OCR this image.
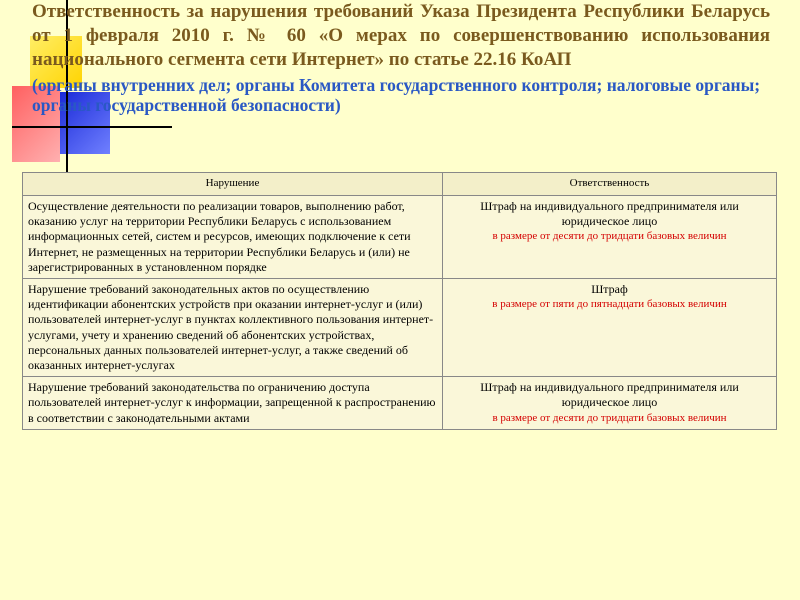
Ответственность за нарушения требований Указа Президента Республики Беларусь от 1 февраля 2010 г. № 60 «О мерах по совершенствованию использования национального сегмента сети Интернет» по статье 22.16 КоАП

(органы внутренних дел; органы Комитета государственного контроля; налоговые органы; органы государственной безопасности)

Нарушение	Ответственность
Осуществление деятельности по реализации товаров, выполнению работ, оказанию услуг на территории Республики Беларусь с использованием информационных сетей, систем и ресурсов, имеющих подключение к сети Интернет, не размещенных на территории Республики Беларусь и (или) не зарегистрированных в установленном порядке	Штраф на индивидуального предпринимателя или юридическое лицо
в размере от десяти до тридцати базовых величин

Нарушение требований законодательных актов по осуществлению идентификации абонентских устройств при оказании интернет-услуг и (или) пользователей интернет-услуг в пунктах коллективного пользования интернет-услугами, учету и хранению сведений об абонентских устройствах, персональных данных пользователей интернет-услуг, а также сведений об оказанных интернет-услугах	Штраф
в размере от пяти до пятнадцати базовых величин

Нарушение требований законодательства по ограничению доступа пользователей интернет-услуг к информации, запрещенной к распространению в соответствии с законодательными актами	Штраф на индивидуального предпринимателя или юридическое лицо
в размере от десяти до тридцати базовых величин
